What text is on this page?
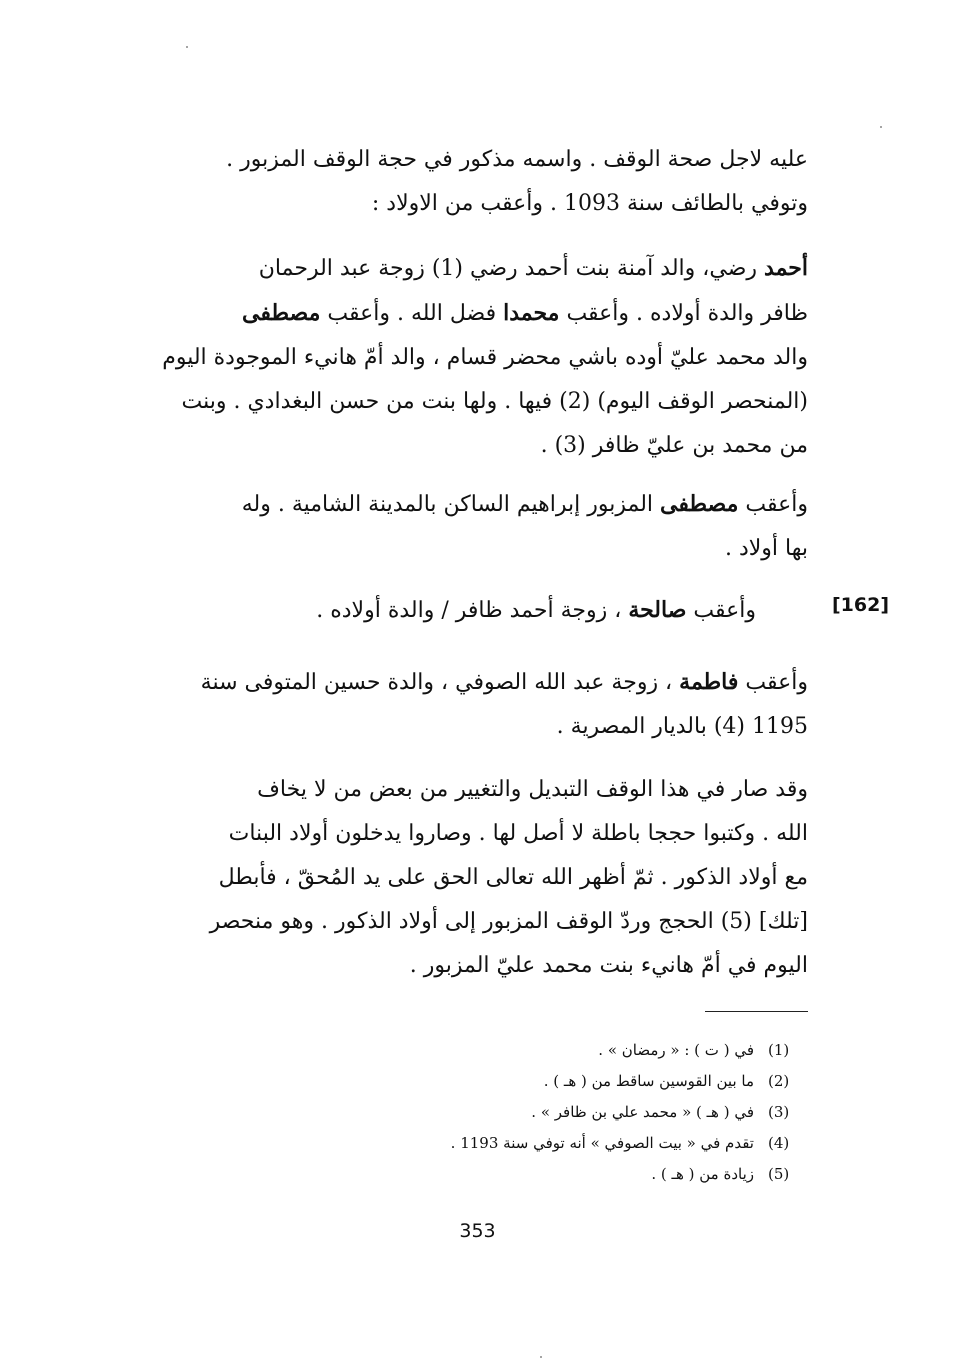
عليه لاجل صحة الوقف . واسمه مذكور في حجة الوقف المزبور .
وتوفي بالطائف سنة 1093 . وأعقب من الاولاد :
أحمد رضي، والد آمنة بنت أحمد رضي (1) زوجة عبد الرحمان
ظافر والدة أولاده . وأعقب محمدا فضل الله . وأعقب مصطفى
والد محمد عليّ أوده باشي محضر قسام ، والد أمّ هانيء الموجودة اليوم
(المنحصر الوقف اليوم) (2) فيها . ولها بنت من حسن البغدادي . وبنت
من محمد بن عليّ ظافر (3) .
وأعقب مصطفى المزبور إبراهيم الساكن بالمدينة الشامية . وله
بها أولاد .
[162]
وأعقب صالحة ، زوجة أحمد ظافر / والدة أولاده .
وأعقب فاطمة ، زوجة عبد الله الصوفي ، والدة حسين المتوفى سنة
1195 (4) بالديار المصرية .
وقد صار في هذا الوقف التبديل والتغيير من بعض من لا يخاف
الله . وكتبوا حججا باطلة لا أصل لها . وصاروا يدخلون أولاد البنات
مع أولاد الذكور . ثمّ أظهر الله تعالى الحق على يد المُحقّ ، فأبطل
[تلك] (5) الحجج وردّ الوقف المزبور إلى أولاد الذكور . وهو منحصر
اليوم في أمّ هانيء بنت محمد عليّ المزبور .
(1)
في ( ت ) : « رمضان » .
(2)
ما بين القوسين ساقط من ( هـ ) .
(3)
في ( هـ ) « محمد علي بن ظافر » .
(4)
تقدم في « بيت الصوفي » أنه توفي سنة 1193 .
(5)
زيادة من ( هـ ) .
353
